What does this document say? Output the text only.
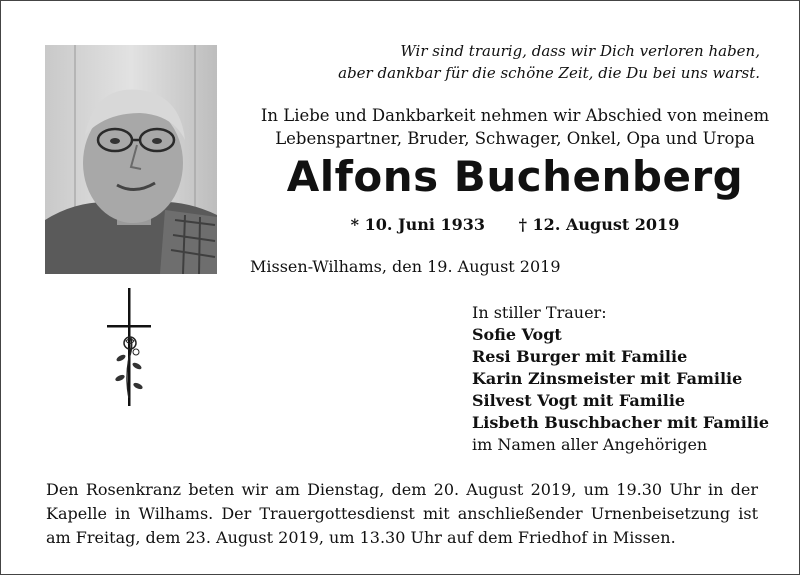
Wir sind traurig, dass wir Dich verloren haben,
aber dankbar für die schöne Zeit, die Du bei uns warst.
In Liebe und Dankbarkeit nehmen wir Abschied von meinem
Lebenspartner, Bruder, Schwager, Onkel, Opa und Uropa
Alfons Buchenberg
* 10. Juni 1933 † 12. August 2019
Missen-Wilhams, den 19. August 2019
In stiller Trauer:
Sofie Vogt
Resi Burger mit Familie
Karin Zinsmeister mit Familie
Silvest Vogt mit Familie
Lisbeth Buschbacher mit Familie
im Namen aller Angehörigen
Den Rosenkranz beten wir am Dienstag, dem 20. August 2019, um 19.30 Uhr in der Kapelle in Wilhams. Der Trauergottesdienst mit anschließender Urnenbeisetzung ist am Freitag, dem 23. August 2019, um 13.30 Uhr auf dem Friedhof in Missen.
